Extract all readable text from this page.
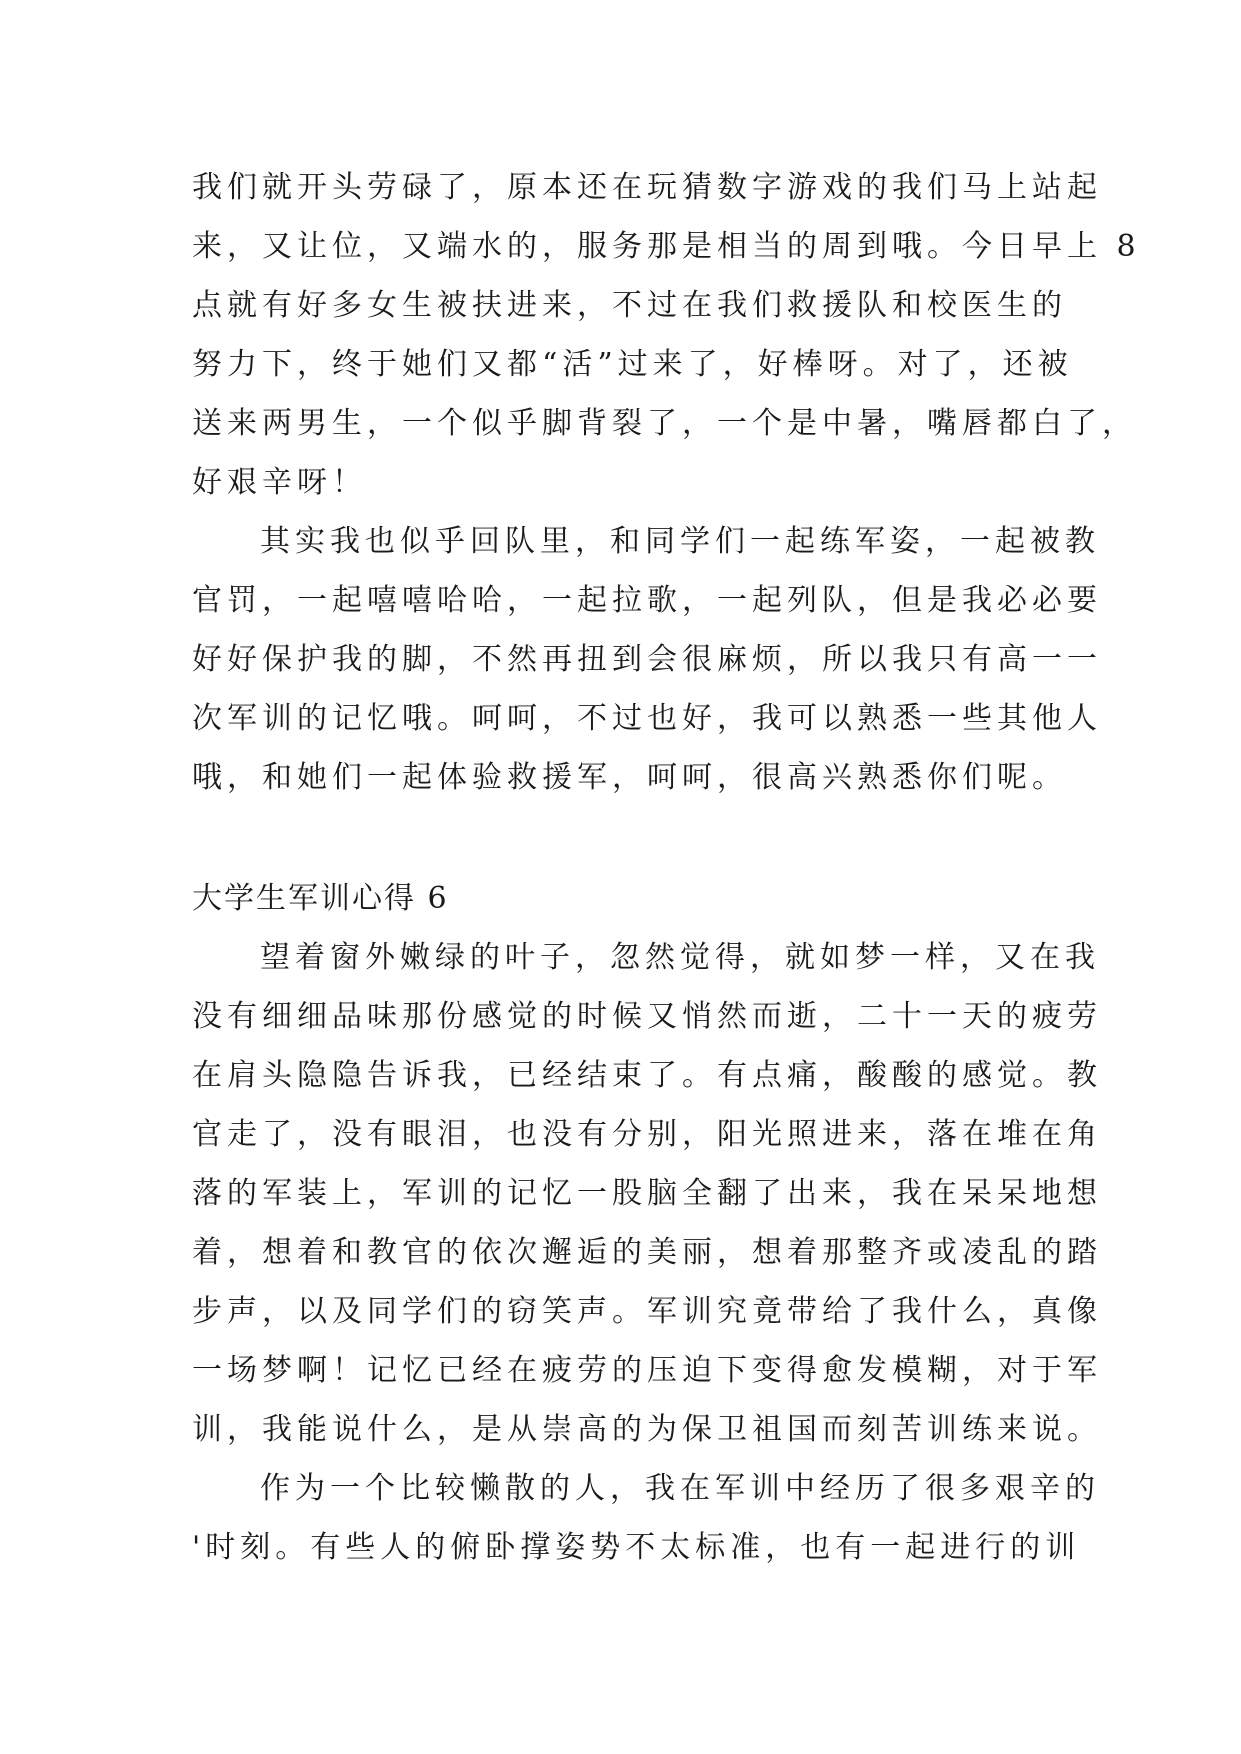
我们就开头劳碌了，原本还在玩猜数字游戏的我们马上站起

来，又让位，又端水的，服务那是相当的周到哦。今日早上 8

点就有好多女生被扶进来，不过在我们救援队和校医生的

努力下，终于她们又都“活”过来了，好棒呀。对了，还被

送来两男生，一个似乎脚背裂了，一个是中暑，嘴唇都白了，

好艰辛呀！

其实我也似乎回队里，和同学们一起练军姿，一起被教

官罚，一起嘻嘻哈哈，一起拉歌，一起列队，但是我必必要

好好保护我的脚，不然再扭到会很麻烦，所以我只有高一一

次军训的记忆哦。呵呵，不过也好，我可以熟悉一些其他人

哦，和她们一起体验救援军，呵呵，很高兴熟悉你们呢。

大学生军训心得 6

望着窗外嫩绿的叶子，忽然觉得，就如梦一样，又在我

没有细细品味那份感觉的时候又悄然而逝，二十一天的疲劳

在肩头隐隐告诉我，已经结束了。有点痛，酸酸的感觉。教

官走了，没有眼泪，也没有分别，阳光照进来，落在堆在角

落的军装上，军训的记忆一股脑全翻了出来，我在呆呆地想

着，想着和教官的依次邂逅的美丽，想着那整齐或凌乱的踏

步声，以及同学们的窃笑声。军训究竟带给了我什么，真像

一场梦啊！记忆已经在疲劳的压迫下变得愈发模糊，对于军

训，我能说什么，是从崇高的为保卫祖国而刻苦训练来说。

作为一个比较懒散的人，我在军训中经历了很多艰辛的

'时刻。有些人的俯卧撑姿势不太标准，也有一起进行的训
